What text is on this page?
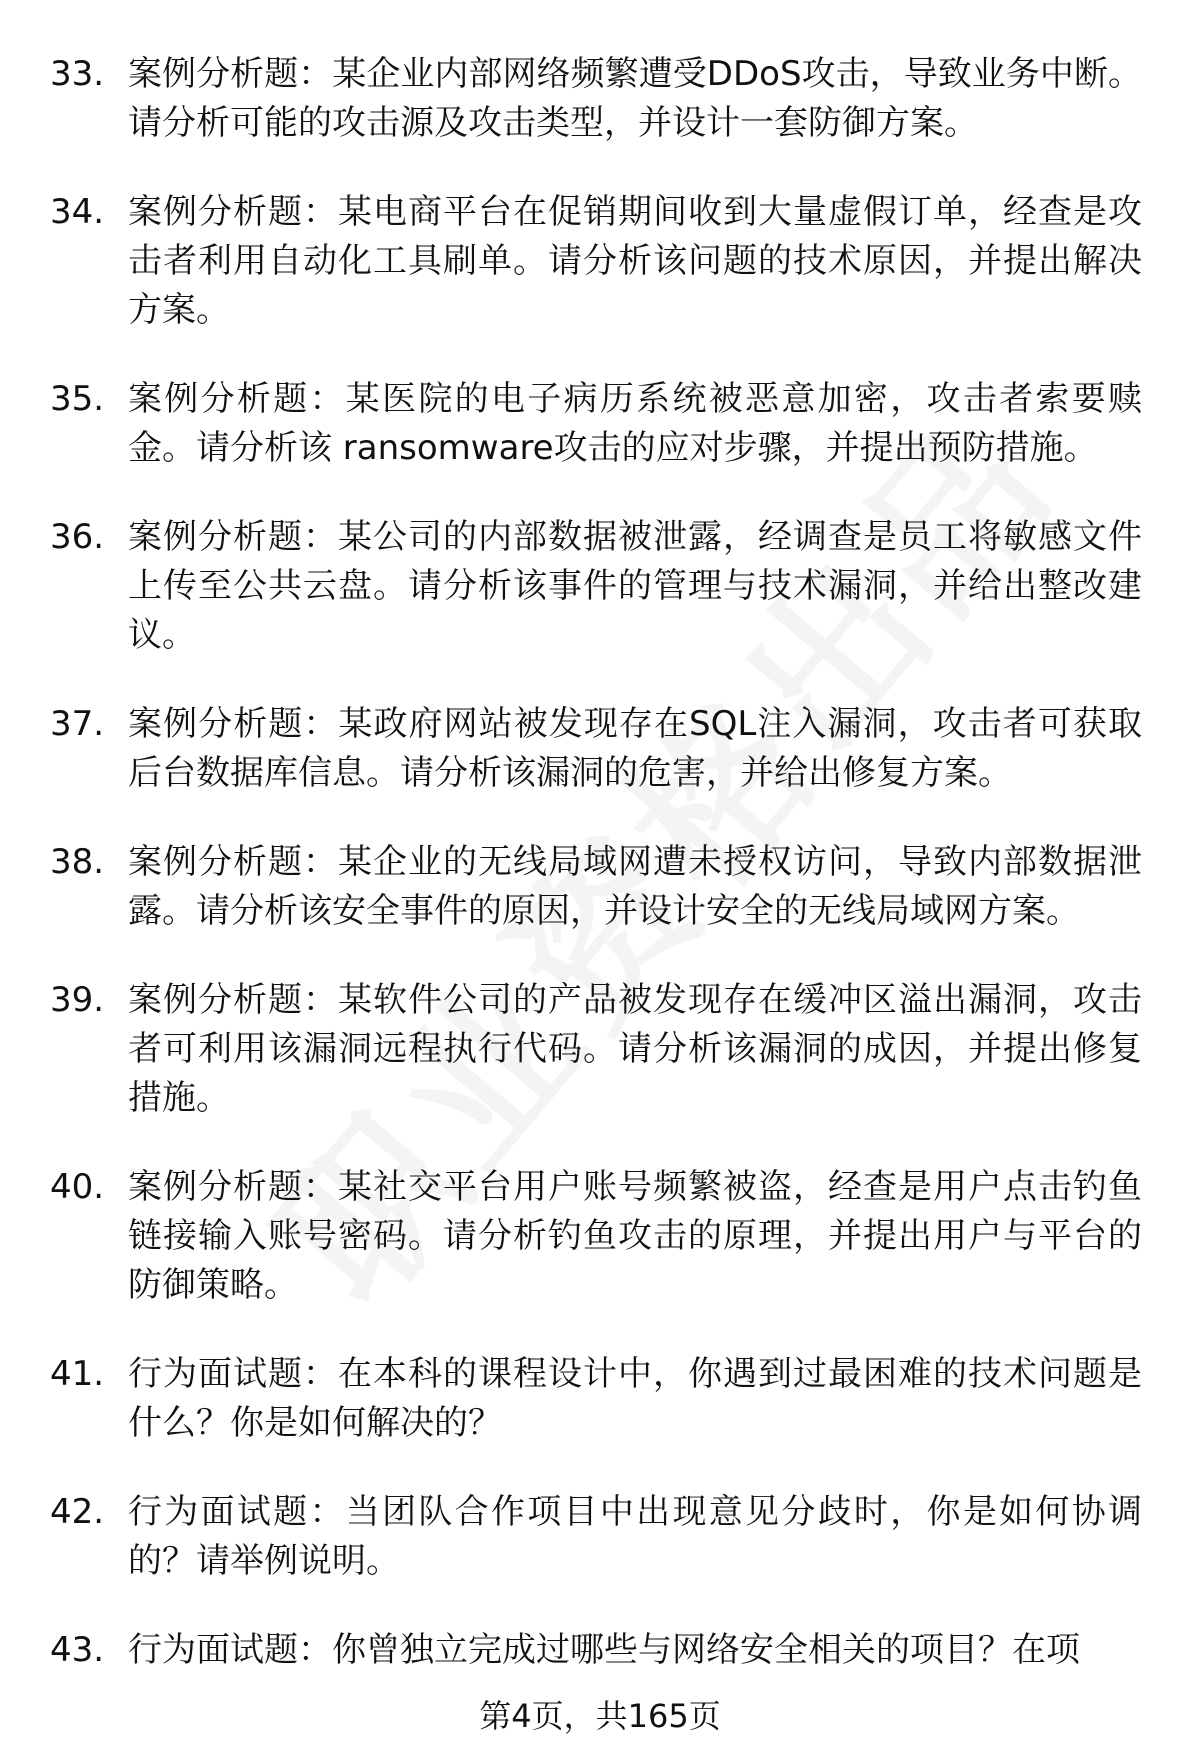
33. 案例分析题：某企业内部网络频繁遭受DDoS攻击，导致业务中断。请分析可能的攻击源及攻击类型，并设计一套防御方案。
34. 案例分析题：某电商平台在促销期间收到大量虚假订单，经查是攻击者利用自动化工具刷单。请分析该问题的技术原因，并提出解决方案。
35. 案例分析题：某医院的电子病历系统被恶意加密，攻击者索要赎金。请分析该 ransomware攻击的应对步骤，并提出预防措施。
36. 案例分析题：某公司的内部数据被泄露，经调查是员工将敏感文件上传至公共云盘。请分析该事件的管理与技术漏洞，并给出整改建议。
37. 案例分析题：某政府网站被发现存在SQL注入漏洞，攻击者可获取后台数据库信息。请分析该漏洞的危害，并给出修复方案。
38. 案例分析题：某企业的无线局域网遭未授权访问，导致内部数据泄露。请分析该安全事件的原因，并设计安全的无线局域网方案。
39. 案例分析题：某软件公司的产品被发现存在缓冲区溢出漏洞，攻击者可利用该漏洞远程执行代码。请分析该漏洞的成因，并提出修复措施。
40. 案例分析题：某社交平台用户账号频繁被盗，经查是用户点击钓鱼链接输入账号密码。请分析钓鱼攻击的原理，并提出用户与平台的防御策略。
41. 行为面试题：在本科的课程设计中，你遇到过最困难的技术问题是什么？你是如何解决的？
42. 行为面试题：当团队合作项目中出现意见分歧时，你是如何协调的？请举例说明。
43. 行为面试题：你曾独立完成过哪些与网络安全相关的项目？在项
第4页，共165页
